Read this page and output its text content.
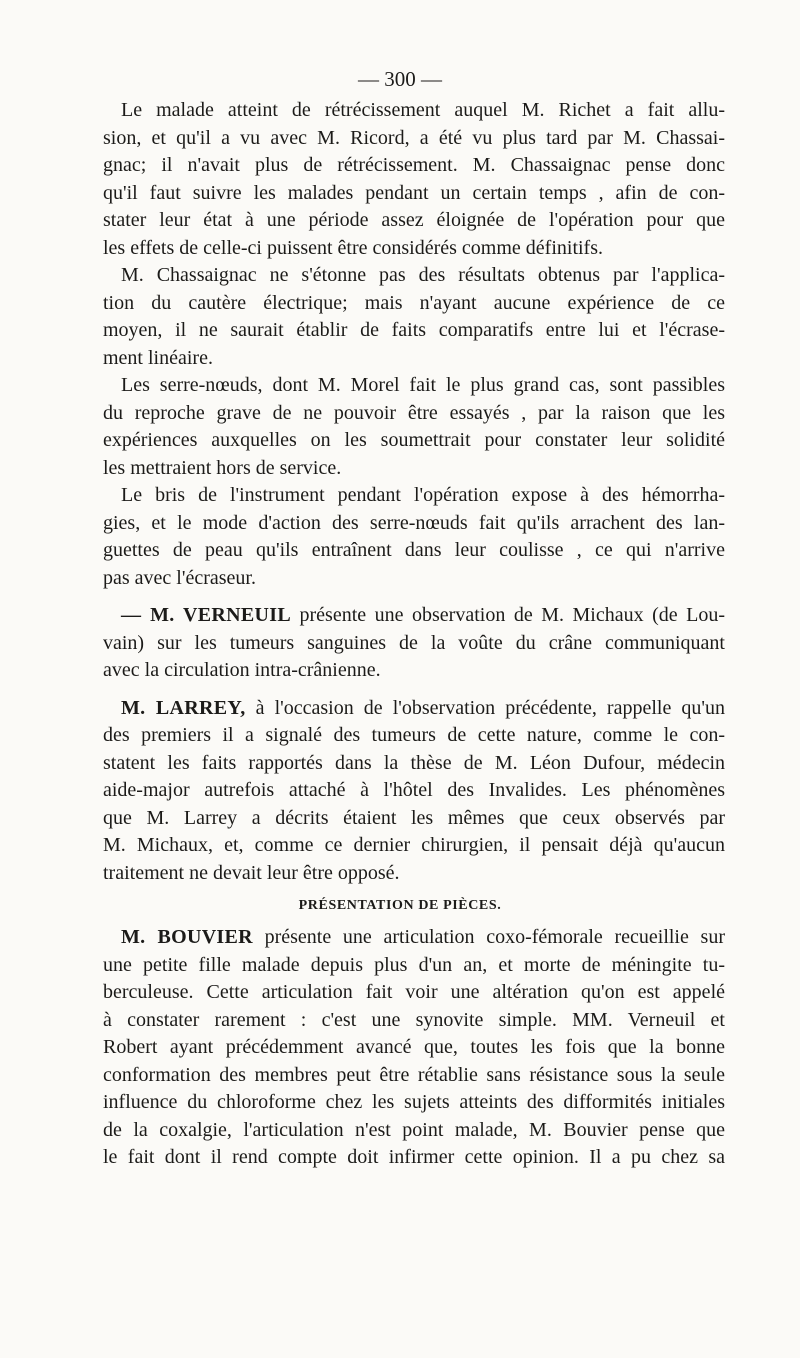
— 300 —
Le malade atteint de rétrécissement auquel M. Richet a fait allu-
sion, et qu'il a vu avec M. Ricord, a été vu plus tard par M. Chassai-
gnac; il n'avait plus de rétrécissement. M. Chassaignac pense donc
qu'il faut suivre les malades pendant un certain temps , afin de con-
stater leur état à une période assez éloignée de l'opération pour que
les effets de celle-ci puissent être considérés comme définitifs.
M. Chassaignac ne s'étonne pas des résultats obtenus par l'applica-
tion du cautère électrique; mais n'ayant aucune expérience de ce
moyen, il ne saurait établir de faits comparatifs entre lui et l'écrase-
ment linéaire.
Les serre-nœuds, dont M. Morel fait le plus grand cas, sont passibles
du reproche grave de ne pouvoir être essayés , par la raison que les
expériences auxquelles on les soumettrait pour constater leur solidité
les mettraient hors de service.
Le bris de l'instrument pendant l'opération expose à des hémorrha-
gies, et le mode d'action des serre-nœuds fait qu'ils arrachent des lan-
guettes de peau qu'ils entraînent dans leur coulisse , ce qui n'arrive
pas avec l'écraseur.
— M. VERNEUIL présente une observation de M. Michaux (de Lou-
vain) sur les tumeurs sanguines de la voûte du crâne communiquant
avec la circulation intra-crânienne.
M. LARREY, à l'occasion de l'observation précédente, rappelle qu'un
des premiers il a signalé des tumeurs de cette nature, comme le con-
statent les faits rapportés dans la thèse de M. Léon Dufour, médecin
aide-major autrefois attaché à l'hôtel des Invalides. Les phénomènes
que M. Larrey a décrits étaient les mêmes que ceux observés par
M. Michaux, et, comme ce dernier chirurgien, il pensait déjà qu'aucun
traitement ne devait leur être opposé.
PRÉSENTATION DE PIÈCES.
M. BOUVIER présente une articulation coxo-fémorale recueillie sur
une petite fille malade depuis plus d'un an, et morte de méningite tu-
berculeuse. Cette articulation fait voir une altération qu'on est appelé
à constater rarement : c'est une synovite simple. MM. Verneuil et
Robert ayant précédemment avancé que, toutes les fois que la bonne
conformation des membres peut être rétablie sans résistance sous la seule
influence du chloroforme chez les sujets atteints des difformités initiales
de la coxalgie, l'articulation n'est point malade, M. Bouvier pense que
le fait dont il rend compte doit infirmer cette opinion. Il a pu chez sa
